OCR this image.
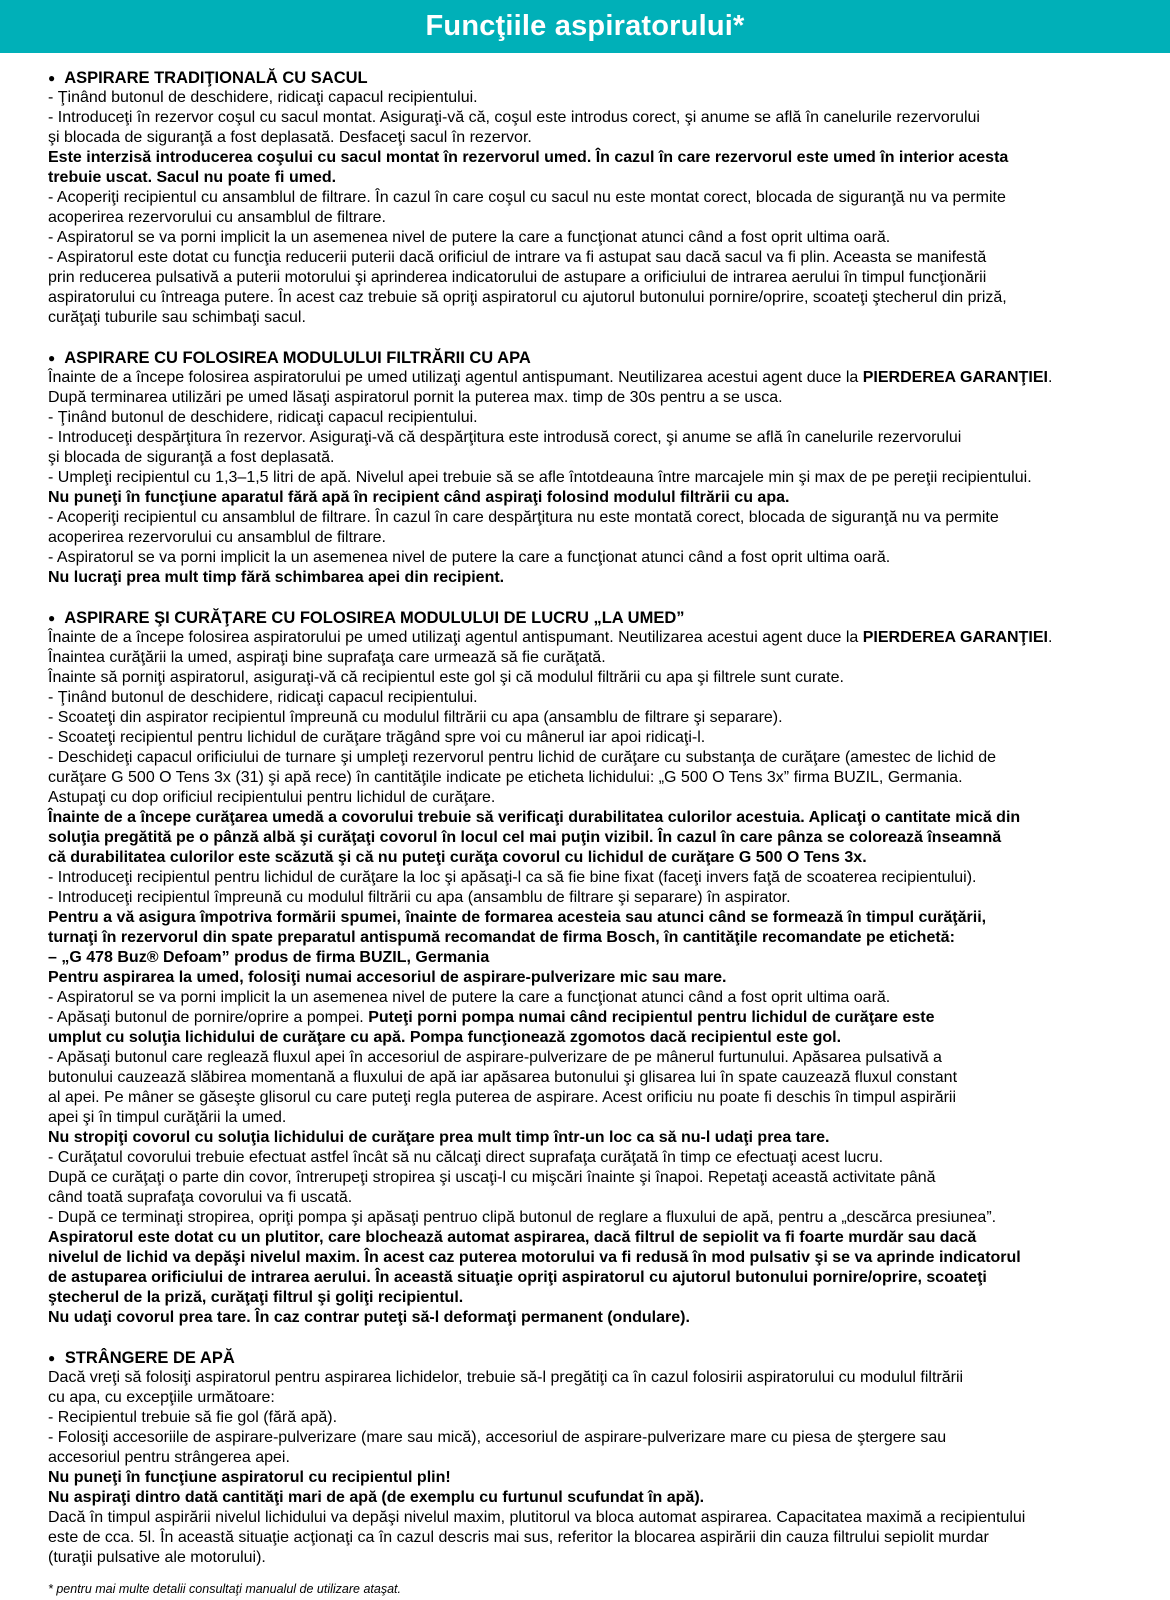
Funcţiile aspiratorului*
● ASPIRARE TRADIŢIONALĂ CU SACUL
- Ţinând butonul de deschidere, ridicaţi capacul recipientului.
- Introduceţi în rezervor coşul cu sacul montat. Asiguraţi-vă că, coşul este introdus corect, şi anume se află în canelurile rezervorului
şi blocada de siguranţă a fost deplasată. Desfaceţi sacul în rezervor.
Este interzisă introducerea coşului cu sacul montat în rezervorul umed. În cazul în care rezervorul este umed în interior acesta
trebuie uscat. Sacul nu poate fi umed.
- Acoperiţi recipientul cu ansamblul de filtrare. În cazul în care coşul cu sacul nu este montat corect, blocada de siguranţă nu va permite
acoperirea rezervorului cu ansamblul de filtrare.
- Aspiratorul se va porni implicit la un asemenea nivel de putere la care a funcţionat atunci când a fost oprit ultima oară.
- Aspiratorul este dotat cu funcţia reducerii puterii dacă orificiul de intrare va fi astupat sau dacă sacul va fi plin. Aceasta se manifestă
prin reducerea pulsativă a puterii motorului şi aprinderea indicatorului de astupare a orificiului de intrarea aerului în timpul funcţionării
aspiratorului cu întreaga putere. În acest caz trebuie să opriţi aspiratorul cu ajutorul butonului pornire/oprire, scoateţi ştecherul din priză,
curăţaţi tuburile sau schimbaţi sacul.
● ASPIRARE CU FOLOSIREA MODULULUI FILTRĂRII CU APA
Înainte de a începe folosirea aspiratorului pe umed utilizaţi agentul antispumant. Neutilizarea acestui agent duce la PIERDEREA GARANŢIEI.
După terminarea utilizări pe umed lăsaţi aspiratorul pornit la puterea max. timp de 30s pentru a se usca.
- Ţinând butonul de deschidere, ridicaţi capacul recipientului.
- Introduceţi despărţitura în rezervor. Asiguraţi-vă că despărţitura este introdusă corect, şi anume se află în canelurile rezervorului
şi blocada de siguranţă a fost deplasată.
- Umpleţi recipientul cu 1,3–1,5 litri de apă. Nivelul apei trebuie să se afle întotdeauna între marcajele min şi max de pe pereţii recipientului.
Nu puneţi în funcţiune aparatul fără apă în recipient când aspiraţi folosind modulul filtrării cu apa.
- Acoperiţi recipientul cu ansamblul de filtrare. În cazul în care despărţitura nu este montată corect, blocada de siguranţă nu va permite
acoperirea rezervorului cu ansamblul de filtrare.
- Aspiratorul se va porni implicit la un asemenea nivel de putere la care a funcţionat atunci când a fost oprit ultima oară.
Nu lucraţi prea mult timp fără schimbarea apei din recipient.
● ASPIRARE ŞI CURĂŢARE CU FOLOSIREA MODULULUI DE LUCRU „LA UMED”
Înainte de a începe folosirea aspiratorului pe umed utilizaţi agentul antispumant. Neutilizarea acestui agent duce la PIERDEREA GARANŢIEI.
Înaintea curăţării la umed, aspiraţi bine suprafaţa care urmează să fie curăţată.
Înainte să porniţi aspiratorul, asiguraţi-vă că recipientul este gol şi că modulul filtrării cu apa şi filtrele sunt curate.
- Ţinând butonul de deschidere, ridicaţi capacul recipientului.
- Scoateţi din aspirator recipientul împreună cu modulul filtrării cu apa (ansamblu de filtrare şi separare).
- Scoateţi recipientul pentru lichidul de curăţare trăgând spre voi cu mânerul iar apoi ridicaţi-l.
- Deschideţi capacul orificiului de turnare şi umpleţi rezervorul pentru lichid de curăţare cu substanţa de curăţare (amestec de lichid de
curăţare G 500 O Tens 3x (31) şi apă rece) în cantităţile indicate pe eticheta lichidului: „G 500 O Tens 3x” firma BUZIL, Germania.
Astupaţi cu dop orificiul recipientului pentru lichidul de curăţare.
Înainte de a începe curăţarea umedă a covorului trebuie să verificaţi durabilitatea culorilor acestuia. Aplicaţi o cantitate mică din
soluţia pregătită pe o pânză albă şi curăţaţi covorul în locul cel mai puţin vizibil. În cazul în care pânza se colorează înseamnă
că durabilitatea culorilor este scăzută şi că nu puteţi curăţa covorul cu lichidul de curăţare G 500 O Tens 3x.
- Introduceţi recipientul pentru lichidul de curăţare la loc şi apăsaţi-l ca să fie bine fixat (faceţi invers faţă de scoaterea recipientului).
- Introduceţi recipientul împreună cu modulul filtrării cu apa (ansamblu de filtrare şi separare) în aspirator.
Pentru a vă asigura împotriva formării spumei, înainte de formarea acesteia sau atunci când se formează în timpul curăţării,
turnaţi în rezervorul din spate preparatul antispumă recomandat de firma Bosch, în cantităţile recomandate pe etichetă:
– „G 478 Buz® Defoam” produs de firma BUZIL, Germania
Pentru aspirarea la umed, folosiţi numai accesoriul de aspirare-pulverizare mic sau mare.
- Aspiratorul se va porni implicit la un asemenea nivel de putere la care a funcţionat atunci când a fost oprit ultima oară.
- Apăsaţi butonul de pornire/oprire a pompei. Puteţi porni pompa numai când recipientul pentru lichidul de curăţare este
umplut cu soluţia lichidului de curăţare cu apă. Pompa funcţionează zgomotos dacă recipientul este gol.
- Apăsaţi butonul care reglează fluxul apei în accesoriul de aspirare-pulverizare de pe mânerul furtunului. Apăsarea pulsativă a
butonului cauzează slăbirea momentană a fluxului de apă iar apăsarea butonului şi glisarea lui în spate cauzează fluxul constant
al apei. Pe mâner se găseşte glisorul cu care puteţi regla puterea de aspirare. Acest orificiu nu poate fi deschis în timpul aspirării
apei şi în timpul curăţării la umed.
Nu stropiţi covorul cu soluţia lichidului de curăţare prea mult timp într-un loc ca să nu-l udaţi prea tare.
- Curăţatul covorului trebuie efectuat astfel încât să nu călcaţi direct suprafaţa curăţată în timp ce efectuaţi acest lucru.
După ce curăţaţi o parte din covor, întrerupeţi stropirea şi uscaţi-l cu mişcări înainte şi înapoi. Repetaţi această activitate până
când toată suprafaţa covorului va fi uscată.
- După ce terminaţi stropirea, opriţi pompa şi apăsaţi pentruo clipă butonul de reglare a fluxului de apă, pentru a „descărca presiunea”.
Aspiratorul este dotat cu un plutitor, care blochează automat aspirarea, dacă filtrul de sepiolit va fi foarte murdăr sau dacă
nivelul de lichid va depăşi nivelul maxim. În acest caz puterea motorului va fi redusă în mod pulsativ şi se va aprinde indicatorul
de astuparea orificiului de intrarea aerului. În această situaţie opriţi aspiratorul cu ajutorul butonului pornire/oprire, scoateţi
ştecherul de la priză, curăţaţi filtrul şi goliţi recipientul.
Nu udaţi covorul prea tare. În caz contrar puteţi să-l deformaţi permanent (ondulare).
● STRÂNGERE DE APĂ
Dacă vreţi să folosiţi aspiratorul pentru aspirarea lichidelor, trebuie să-l pregătiţi ca în cazul folosirii aspiratorului cu modulul filtrării
cu apa, cu excepţiile următoare:
- Recipientul trebuie să fie gol (fără apă).
- Folosiţi accesoriile de aspirare-pulverizare (mare sau mică), accesoriul de aspirare-pulverizare mare cu piesa de ştergere sau
accesoriul pentru strângerea apei.
Nu puneţi în funcţiune aspiratorul cu recipientul plin!
Nu aspiraţi dintro dată cantităţi mari de apă (de exemplu cu furtunul scufundat în apă).
Dacă în timpul aspirării nivelul lichidului va depăşi nivelul maxim, plutitorul va bloca automat aspirarea. Capacitatea maximă a recipientului
este de cca. 5l. În această situaţie acţionaţi ca în cazul descris mai sus, referitor la blocarea aspirării din cauza filtrului sepiolit murdar
(turaţii pulsative ale motorului).
* pentru mai multe detalii consultaţi manualul de utilizare ataşat.
